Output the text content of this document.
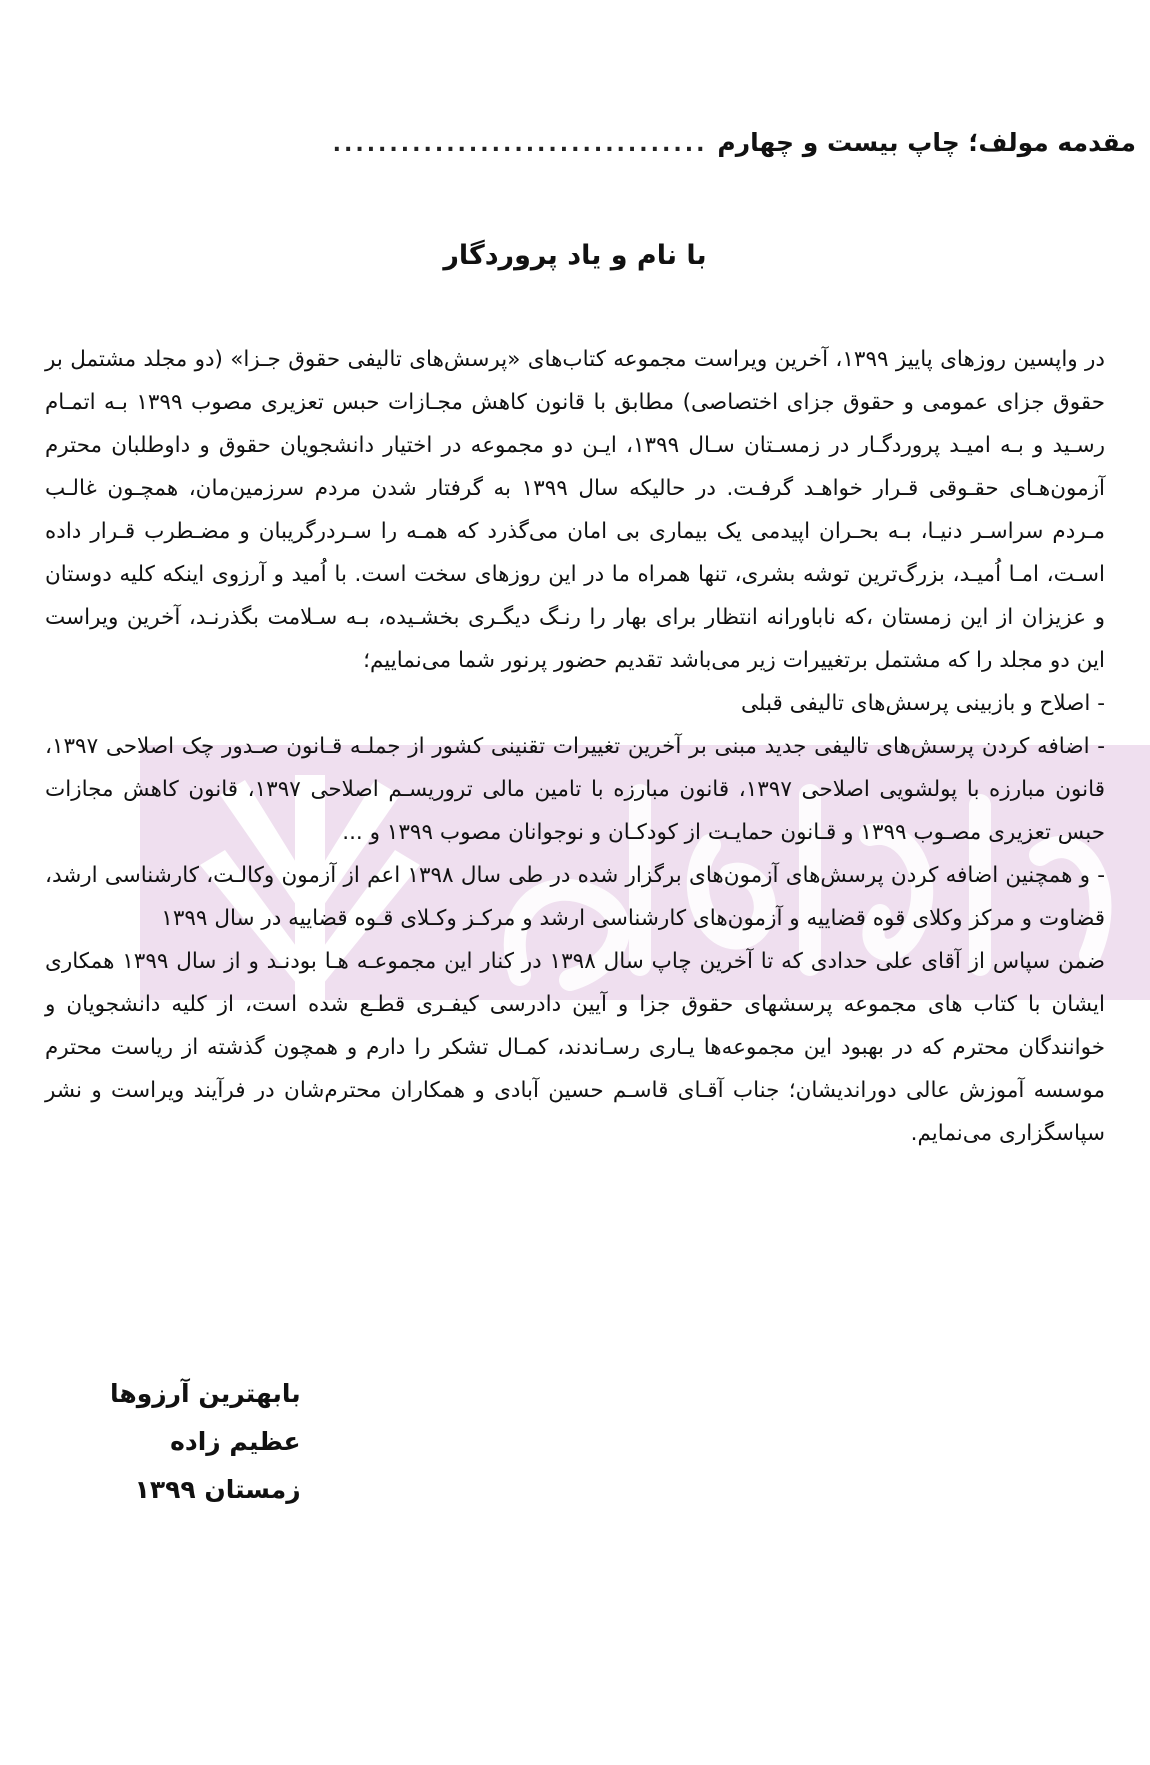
مقدمه مولف؛ چاپ بیست و چهارم
.................................
با نام و یاد پروردگار

در واپسین روزهای پاییز ۱۳۹۹، آخرین ویراست مجموعه کتاب‌های «پرسش‌های تالیفی حقوق جـزا» (دو مجلد مشتمل بر حقوق جزای عمومی و حقوق جزای اختصاصی) مطابق با قانون کاهش مجـازات حبس تعزیری مصوب ۱۳۹۹ بـه اتمـام رسـید و بـه امیـد پروردگـار در زمسـتان سـال ۱۳۹۹، ایـن دو مجموعه در اختیار دانشجویان حقوق و داوطلبان محترم آزمون‌هـای حقـوقی قـرار خواهـد گرفـت. در حالیکه سال ۱۳۹۹ به گرفتار شدن مردم سرزمین‌مان، همچـون غالـب مـردم سراسـر دنیـا، بـه بحـران اپیدمی یک بیماری بی امان می‌گذرد که همـه را سـردرگریبان و مضـطرب قـرار داده اسـت، امـا اُمیـد، بزرگ‌ترین توشه بشری، تنها همراه ما در این روزهای سخت است. با اُمید و آرزوی اینکه کلیه دوستان و عزیزان از این زمستان ،که ناباورانه انتظار برای بهار را رنـگ دیگـری بخشـیده، بـه سـلامت بگذرنـد، آخرین ویراست این دو مجلد را که مشتمل برتغییرات زیر می‌باشد تقدیم حضور پرنور شما می‌نماییم؛

- اصلاح و بازبینی پرسش‌های تالیفی قبلی

- اضافه کردن پرسش‌های تالیفی جدید مبنی بر آخرین تغییرات تقنینی کشور از جملـه قـانون صـدور چک اصلاحی ۱۳۹۷، قانون مبارزه با پولشویی اصلاحی ۱۳۹۷، قانون مبارزه با تامین مالی تروریسـم اصلاحی ۱۳۹۷، قانون کاهش مجازات حبس تعزیری مصـوب ۱۳۹۹ و قـانون حمایـت از کودکـان و نوجوانان مصوب ۱۳۹۹ و ...

- و همچنین اضافه کردن پرسش‌های آزمون‌های برگزار شده در طی سال ۱۳۹۸ اعم از آزمون وکالـت، کارشناسی ارشد، قضاوت و مرکز وکلای قوه قضاییه و آزمون‌های کارشناسی ارشد و مرکـز وکـلای قـوه قضاییه در سال ۱۳۹۹

ضمن سپاس از آقای علی حدادی که تا آخرین چاپ سال ۱۳۹۸ در کنار این مجموعـه هـا بودنـد و از سال ۱۳۹۹ همکاری ایشان با کتاب های مجموعه پرسشهای حقوق جزا و آیین دادرسی کیفـری قطـع شده است، از کلیه دانشجویان و خوانندگان محترم که در بهبود این مجموعه‌ها یـاری رسـاندند، کمـال تشکر را دارم و همچون گذشته از ریاست محترم موسسه آموزش عالی دوراندیشان؛ جناب آقـای قاسـم حسین آبادی و همکاران محترم‌شان در فرآیند ویراست و نشر سپاسگزاری می‌نمایم.

بابهترین آرزوها
عظیم زاده
زمستان ۱۳۹۹
